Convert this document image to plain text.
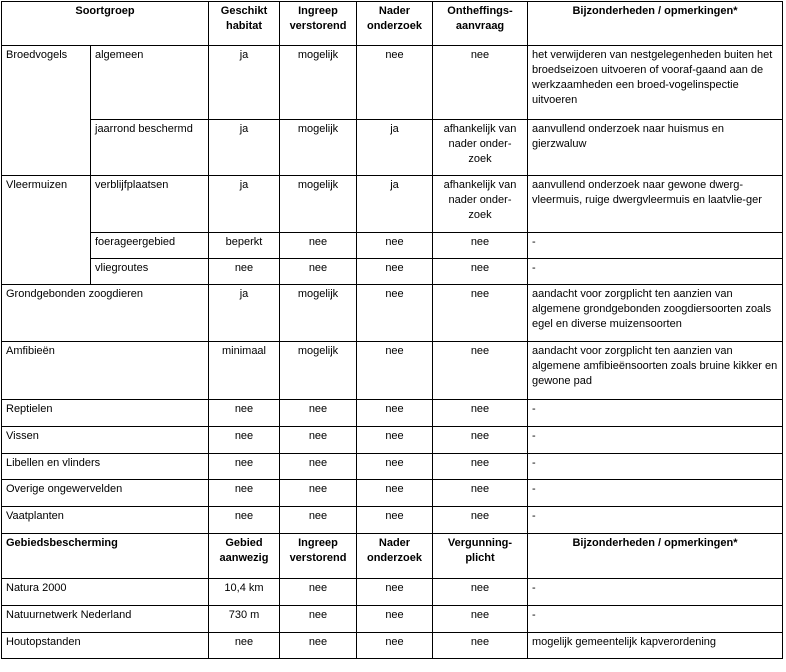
Soortgroep		Geschikt habitat	Ingreep verstorend	Nader onderzoek	Ontheffings-aanvraag	Bijzonderheden / opmerkingen*
Broedvogels	algemeen	ja	mogelijk	nee	nee	het verwijderen van nestgelegenheden buiten het broedseizoen uitvoeren of vooraf-gaand aan de werkzaamheden een broed-vogelinspectie uitvoeren
	jaarrond beschermd	ja	mogelijk	ja	afhankelijk van nader onder-zoek	aanvullend onderzoek naar huismus en gierzwaluw
Vleermuizen	verblijfplaatsen	ja	mogelijk	ja	afhankelijk van nader onder-zoek	aanvullend onderzoek naar gewone dwerg-vleermuis, ruige dwergvleermuis en laatvlie-ger
	foerageergebied	beperkt	nee	nee	nee	-
	vliegroutes	nee	nee	nee	nee	-
Grondgebonden zoogdieren		ja	mogelijk	nee	nee	aandacht voor zorgplicht ten aanzien van algemene grondgebonden zoogdiersoorten zoals egel en diverse muizensoorten
Amfibieën		minimaal	mogelijk	nee	nee	aandacht voor zorgplicht ten aanzien van algemene amfibieënsoorten zoals bruine kikker en gewone pad
Reptielen		nee	nee	nee	nee	-
Vissen		nee	nee	nee	nee	-
Libellen en vlinders		nee	nee	nee	nee	-
Overige ongewervelden		nee	nee	nee	nee	-
Vaatplanten		nee	nee	nee	nee	-
Gebiedsbescherming		Gebied aanwezig	Ingreep verstorend	Nader onderzoek	Vergunning-plicht	Bijzonderheden / opmerkingen*
Natura 2000		10,4 km	nee	nee	nee	-
Natuurnetwerk Nederland		730 m	nee	nee	nee	-
Houtopstanden		nee	nee	nee	nee	mogelijk gemeentelijk kapverordening
